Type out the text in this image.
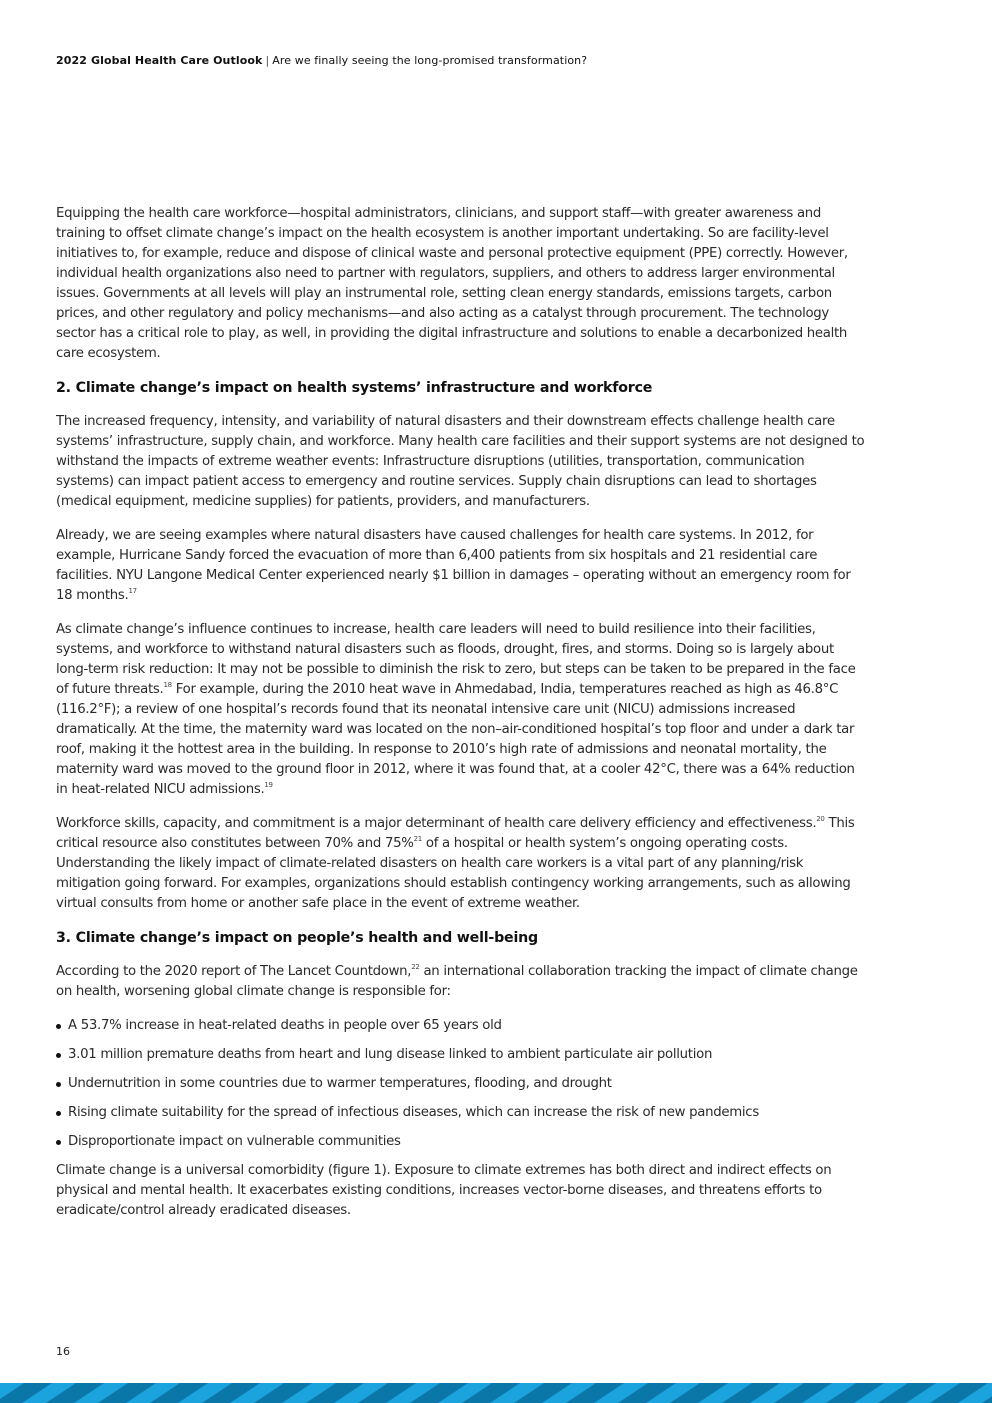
2022 Global Health Care Outlook | Are we finally seeing the long-promised transformation?

Equipping the health care workforce—hospital administrators, clinicians, and support staff—with greater awareness and training to offset climate change’s impact on the health ecosystem is another important undertaking. So are facility-level initiatives to, for example, reduce and dispose of clinical waste and personal protective equipment (PPE) correctly. However, individual health organizations also need to partner with regulators, suppliers, and others to address larger environmental issues. Governments at all levels will play an instrumental role, setting clean energy standards, emissions targets, carbon prices, and other regulatory and policy mechanisms—and also acting as a catalyst through procurement. The technology sector has a critical role to play, as well, in providing the digital infrastructure and solutions to enable a decarbonized health care ecosystem.

2. Climate change’s impact on health systems’ infrastructure and workforce

The increased frequency, intensity, and variability of natural disasters and their downstream effects challenge health care systems’ infrastructure, supply chain, and workforce. Many health care facilities and their support systems are not designed to withstand the impacts of extreme weather events: Infrastructure disruptions (utilities, transportation, communication systems) can impact patient access to emergency and routine services. Supply chain disruptions can lead to shortages (medical equipment, medicine supplies) for patients, providers, and manufacturers.

Already, we are seeing examples where natural disasters have caused challenges for health care systems. In 2012, for example, Hurricane Sandy forced the evacuation of more than 6,400 patients from six hospitals and 21 residential care facilities. NYU Langone Medical Center experienced nearly $1 billion in damages – operating without an emergency room for 18 months.$^{17}$

As climate change’s influence continues to increase, health care leaders will need to build resilience into their facilities, systems, and workforce to withstand natural disasters such as floods, drought, fires, and storms. Doing so is largely about long-term risk reduction: It may not be possible to diminish the risk to zero, but steps can be taken to be prepared in the face of future threats.$^{18}$ For example, during the 2010 heat wave in Ahmedabad, India, temperatures reached as high as 46.8°C (116.2°F); a review of one hospital’s records found that its neonatal intensive care unit (NICU) admissions increased dramatically. At the time, the maternity ward was located on the non–air-conditioned hospital’s top floor and under a dark tar roof, making it the hottest area in the building. In response to 2010’s high rate of admissions and neonatal mortality, the maternity ward was moved to the ground floor in 2012, where it was found that, at a cooler 42°C, there was a 64% reduction in heat-related NICU admissions.$^{19}$

Workforce skills, capacity, and commitment is a major determinant of health care delivery efficiency and effectiveness.$^{20}$ This critical resource also constitutes between 70% and 75%$^{21}$ of a hospital or health system’s ongoing operating costs. Understanding the likely impact of climate-related disasters on health care workers is a vital part of any planning/risk mitigation going forward. For examples, organizations should establish contingency working arrangements, such as allowing virtual consults from home or another safe place in the event of extreme weather.

3. Climate change’s impact on people’s health and well-being

According to the 2020 report of The Lancet Countdown,$^{22}$ an international collaboration tracking the impact of climate change on health, worsening global climate change is responsible for:

A 53.7% increase in heat-related deaths in people over 65 years old
3.01 million premature deaths from heart and lung disease linked to ambient particulate air pollution
Undernutrition in some countries due to warmer temperatures, flooding, and drought
Rising climate suitability for the spread of infectious diseases, which can increase the risk of new pandemics
Disproportionate impact on vulnerable communities

Climate change is a universal comorbidity (figure 1). Exposure to climate extremes has both direct and indirect effects on physical and mental health. It exacerbates existing conditions, increases vector-borne diseases, and threatens efforts to eradicate/control already eradicated diseases.

16
